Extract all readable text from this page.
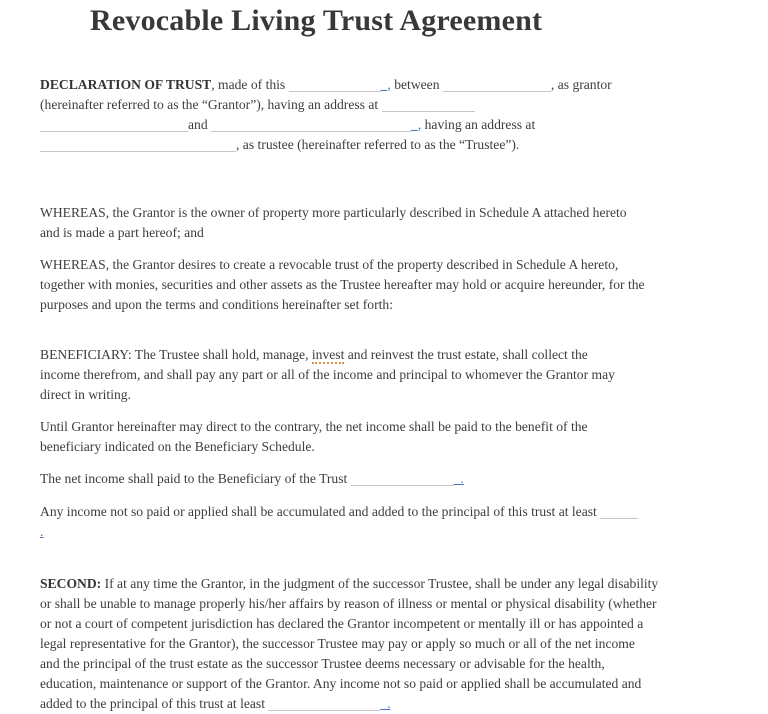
Revocable Living Trust Agreement

DECLARATION OF TRUST, made of this	_, between	, as grantor
(hereinafter referred to as the “Grantor”), having an address at
and	_, having an address at
, as trustee (hereinafter referred to as the “Trustee”).

WHEREAS, the Grantor is the owner of property more particularly described in Schedule A attached hereto
and is made a part hereof; and

WHEREAS, the Grantor desires to create a revocable trust of the property described in Schedule A hereto,
together with monies, securities and other assets as the Trustee hereafter may hold or acquire hereunder, for the
purposes and upon the terms and conditions hereinafter set forth:

BENEFICIARY: The Trustee shall hold, manage, invest and reinvest the trust estate, shall collect the
income therefrom, and shall pay any part or all of the income and principal to whomever the Grantor may
direct in writing.

Until Grantor hereinafter may direct to the contrary, the net income shall be paid to the benefit of the
beneficiary indicated on the Beneficiary Schedule.

The net income shall paid to the Beneficiary of the Trust	_.

Any income not so paid or applied shall be accumulated and added to the principal of this trust at least
.

SECOND: If at any time the Grantor, in the judgment of the successor Trustee, shall be under any legal disability
or shall be unable to manage properly his/her affairs by reason of illness or mental or physical disability (whether
or not a court of competent jurisdiction has declared the Grantor incompetent or mentally ill or has appointed a
legal representative for the Grantor), the successor Trustee may pay or apply so much or all of the net income
and the principal of the trust estate as the successor Trustee deems necessary or advisable for the health,
education, maintenance or support of the Grantor. Any income not so paid or applied shall be accumulated and
added to the principal of this trust at least	_.
